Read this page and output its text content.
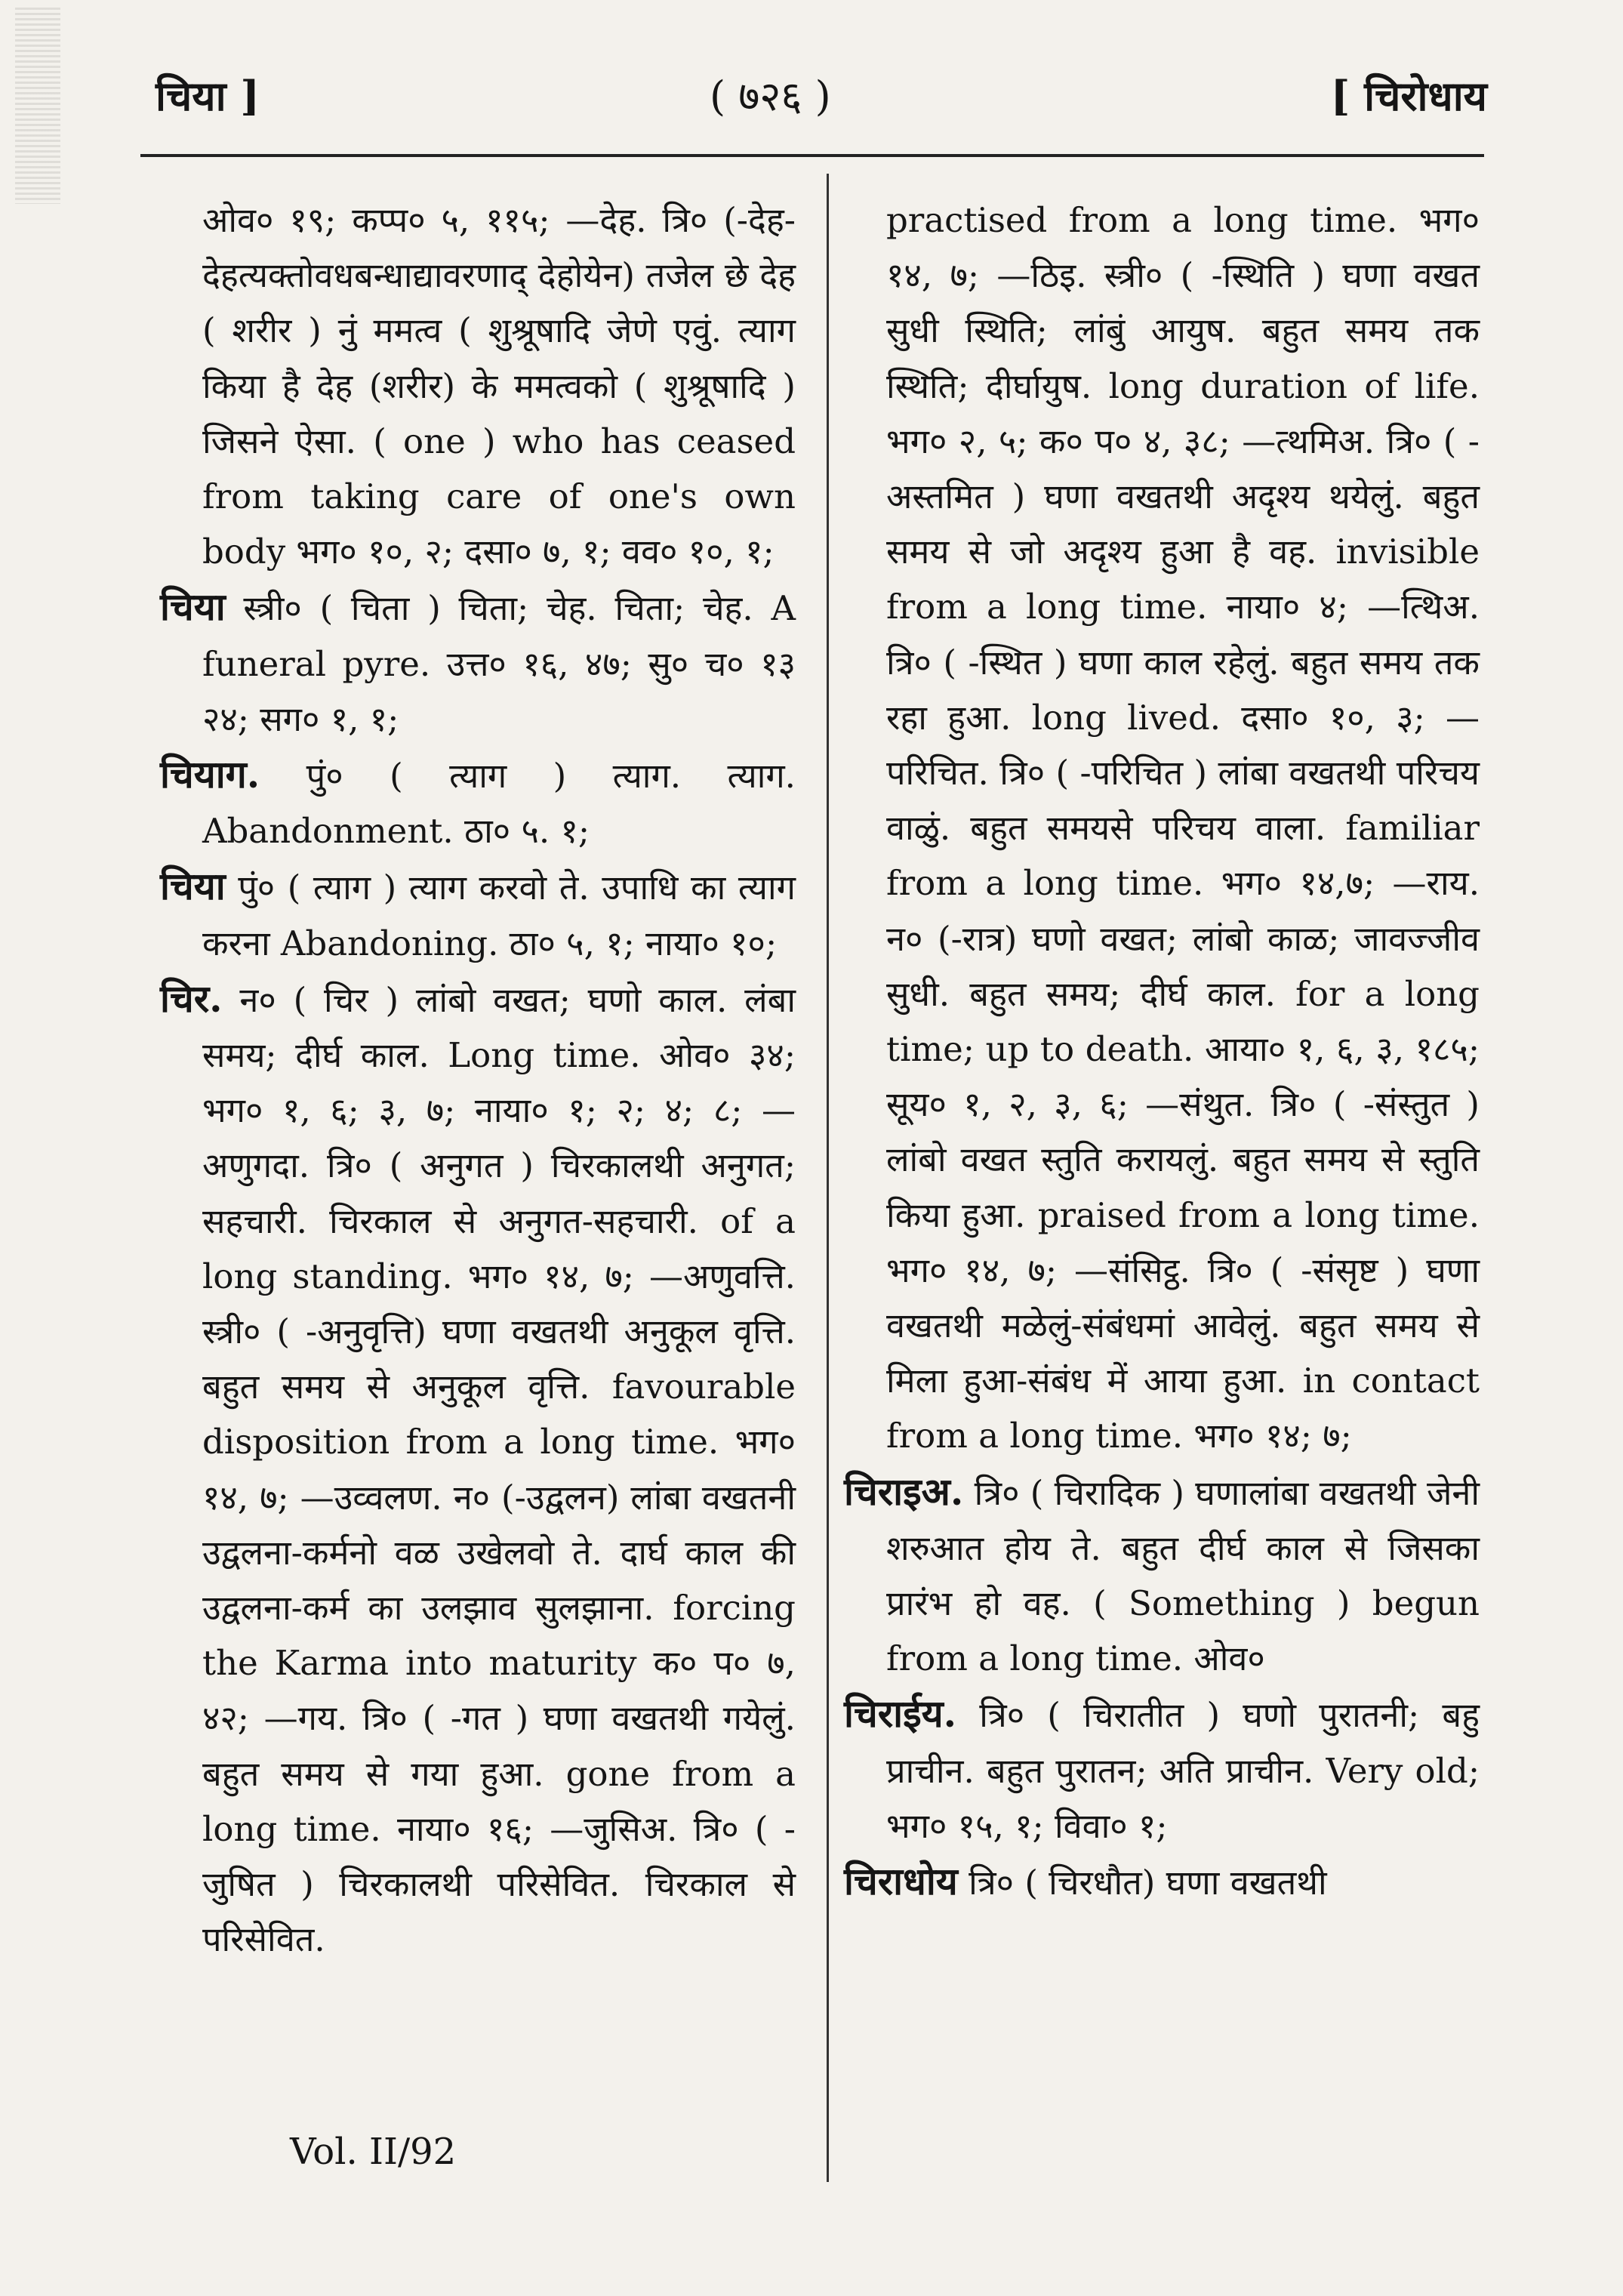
चिया ]	( ७२६ )	[ चिरोधाय

ओव० १९; कप्प० ५, ११५; —देह. त्रि० (-देह-देहत्यक्तोवधबन्धाद्यावरणाद् देहोयेन) तजेल छे देह ( शरीर ) नुं ममत्व ( शुश्रूषादि जेणे एवुं. त्याग किया है देह (शरीर) के ममत्वको ( शुश्रूषादि ) जिसने ऐसा. ( one ) who has ceased from taking care of one's own body भग० १०, २; दसा० ७, १; वव० १०, १;

चिया स्त्री० ( चिता ) चिता; चेह. चिता; चेह. A funeral pyre. उत्त० १६, ४७; सु० च० १३ २४; सग० १, १;

चियाग. पुं० ( त्याग ) त्याग. त्याग. Abandonment. ठा० ५. १;

चिया पुं० ( त्याग ) त्याग करवो ते. उपाधि का त्याग करना Abandoning. ठा० ५, १; नाया० १०;

चिर. न० ( चिर ) लांबो वखत; घणो काल. लंबा समय; दीर्घ काल. Long time. ओव० ३४; भग० १, ६; ३, ७; नाया० १; २; ४; ८; —अणुगदा. त्रि० ( अनुगत ) चिरकालथी अनुगत; सहचारी. चिरकाल से अनुगत-सहचारी. of a long standing. भग० १४, ७; —अणुवत्ति. स्त्री० ( -अनुवृत्ति) घणा वखतथी अनुकूल वृत्ति. बहुत समय से अनुकूल वृत्ति. favourable disposition from a long time. भग० १४, ७; —उव्वलण. न० (-उद्वलन) लांबा वखतनी उद्वलना-कर्मनो वळ उखेलवो ते. दार्घ काल की उद्वलना-कर्म का उलझाव सुलझाना. forcing the Karma into maturity क० प० ७, ४२; —गय. त्रि० ( -गत ) घणा वखतथी गयेलुं. बहुत समय से गया हुआ. gone from a long time. नाया० १६; —जुसिअ. त्रि० ( -जुषित ) चिरकालथी परिसेवित. चिरकाल से परिसेवित.

practised from a long time. भग० १४, ७; —ठिइ. स्त्री० ( -स्थिति ) घणा वखत सुधी स्थिति; लांबुं आयुष. बहुत समय तक स्थिति; दीर्घायुष. long duration of life. भग० २, ५; क० प० ४, ३८; —त्थमिअ. त्रि० ( -अस्तमित ) घणा वखतथी अदृश्य थयेलुं. बहुत समय से जो अदृश्य हुआ है वह. invisible from a long time. नाया० ४; —त्थिअ. त्रि० ( -स्थित ) घणा काल रहेलुं. बहुत समय तक रहा हुआ. long lived. दसा० १०, ३; —परिचित. त्रि० ( -परिचित ) लांबा वखतथी परिचय वाळुं. बहुत समयसे परिचय वाला. familiar from a long time. भग० १४,७; —राय. न० (-रात्र) घणो वखत; लांबो काळ; जावज्जीव सुधी. बहुत समय; दीर्घ काल. for a long time; up to death. आया० १, ६, ३, १८५; सूय० १, २, ३, ६; —संथुत. त्रि० ( -संस्तुत ) लांबो वखत स्तुति करायलुं. बहुत समय से स्तुति किया हुआ. praised from a long time. भग० १४, ७; —संसिट्ठ. त्रि० ( -संसृष्ट ) घणा वखतथी मळेलुं-संबंधमां आवेलुं. बहुत समय से मिला हुआ-संबंध में आया हुआ. in contact from a long time. भग० १४; ७;

चिराइअ. त्रि० ( चिरादिक ) घणालांबा वखतथी जेनी शरुआत होय ते. बहुत दीर्घ काल से जिसका प्रारंभ हो वह. ( Something ) begun from a long time. ओव०

चिराईय. त्रि० ( चिरातीत ) घणो पुरातनी; बहु प्राचीन. बहुत पुरातन; अति प्राचीन. Very old; भग० १५, १; विवा० १;

चिराधोय त्रि० ( चिरधौत) घणा वखतथी

Vol. II/92
